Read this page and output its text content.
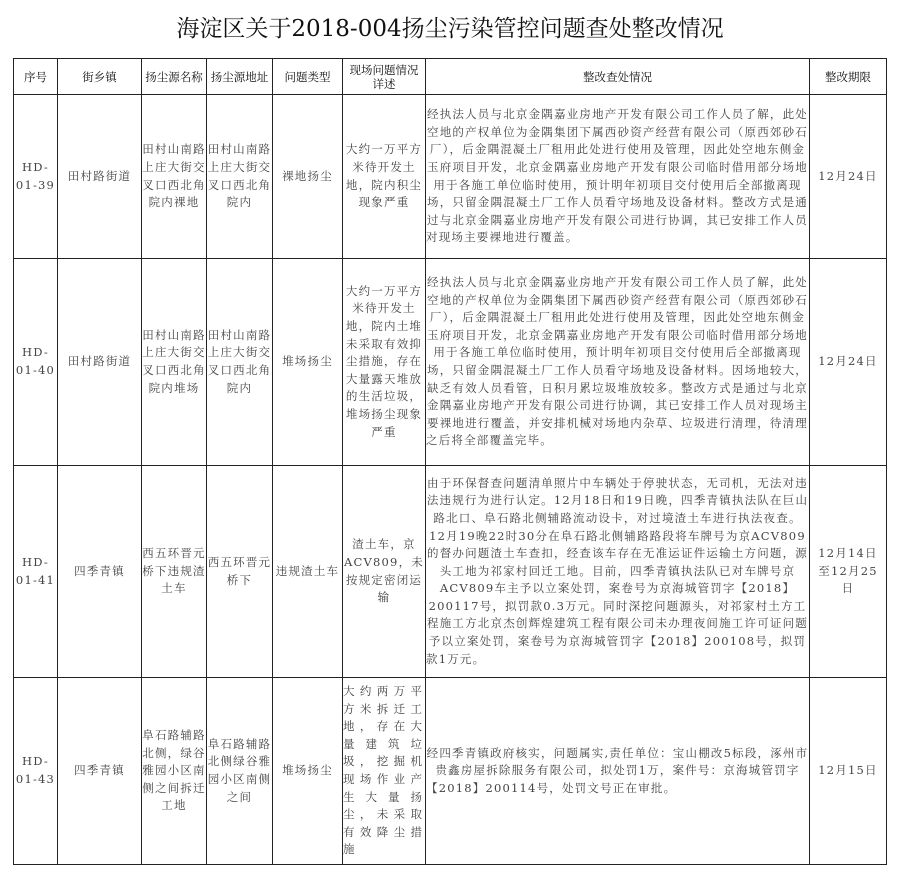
海淀区关于2018-004扬尘污染管控问题查处整改情况
序号	街乡镇	扬尘源名称	扬尘源地址	问题类型	现场问题情况详述	整改查处情况	整改期限
HD-01-39	田村路街道	田村山南路上庄大街交叉口西北角院内裸地	田村山南路上庄大街交叉口西北角院内	裸地扬尘	大约一万平方米待开发土地，院内积尘现象严重	经执法人员与北京金隅嘉业房地产开发有限公司工作人员了解，此处空地的产权单位为金隅集团下属西砂资产经营有限公司（原西郊砂石厂），后金隅混凝土厂租用此处进行使用及管理，因此处空地东侧金玉府项目开发，北京金隅嘉业房地产开发有限公司临时借用部分场地用于各施工单位临时使用，预计明年初项目交付使用后全部撤离现场，只留金隅混凝土厂工作人员看守场地及设备材料。整改方式是通过与北京金隅嘉业房地产开发有限公司进行协调，其已安排工作人员对现场主要裸地进行覆盖。	12月24日
HD-01-40	田村路街道	田村山南路上庄大街交叉口西北角院内堆场	田村山南路上庄大街交叉口西北角院内	堆场扬尘	大约一万平方米待开发土地，院内土堆未采取有效抑尘措施，存在大量露天堆放的生活垃圾，堆场扬尘现象严重	经执法人员与北京金隅嘉业房地产开发有限公司工作人员了解，此处空地的产权单位为金隅集团下属西砂资产经营有限公司（原西郊砂石厂），后金隅混凝土厂租用此处进行使用及管理，因此处空地东侧金玉府项目开发，北京金隅嘉业房地产开发有限公司临时借用部分场地用于各施工单位临时使用，预计明年初项目交付使用后全部撤离现场，只留金隅混凝土厂工作人员看守场地及设备材料。因场地较大，缺乏有效人员看管，日积月累垃圾堆放较多。整改方式是通过与北京金隅嘉业房地产开发有限公司进行协调，其已安排工作人员对现场主要裸地进行覆盖，并安排机械对场地内杂草、垃圾进行清理，待清理之后将全部覆盖完毕。	12月24日
HD-01-41	四季青镇	西五环晋元桥下违规渣土车	西五环晋元桥下	违规渣土车	渣土车，京ACV809，未按规定密闭运输	由于环保督查问题清单照片中车辆处于停驶状态，无司机，无法对违法违规行为进行认定。12月18日和19日晚，四季青镇执法队在巨山路北口、阜石路北侧辅路流动设卡，对过境渣土车进行执法夜查。12月19晚22时30分在阜石路北侧辅路路段将车牌号为京ACV809的督办问题渣土车查扣，经查该车存在无准运证件运输土方问题，源头工地为祁家村回迁工地。目前，四季青镇执法队已对车牌号京ACV809车主予以立案处罚，案卷号为京海城管罚字【2018】200117号，拟罚款0.3万元。同时深挖问题源头，对祁家村土方工程施工方北京杰创辉煌建筑工程有限公司未办理夜间施工许可证问题予以立案处罚，案卷号为京海城管罚字【2018】200108号，拟罚款1万元。	12月14日至12月25日
HD-01-43	四季青镇	阜石路辅路北侧，绿谷雅园小区南侧之间拆迁工地	阜石路辅路北侧绿谷雅园小区南侧之间	堆场扬尘	大约两万平方米拆迁工地，存在大量建筑垃圾，挖掘机现场作业产生大量扬尘，未采取有效降尘措施	经四季青镇政府核实，问题属实,责任单位：宝山棚改5标段，涿州市贵鑫房屋拆除服务有限公司，拟处罚1万，案件号：京海城管罚字【2018】200114号，处罚文号正在审批。	12月15日
